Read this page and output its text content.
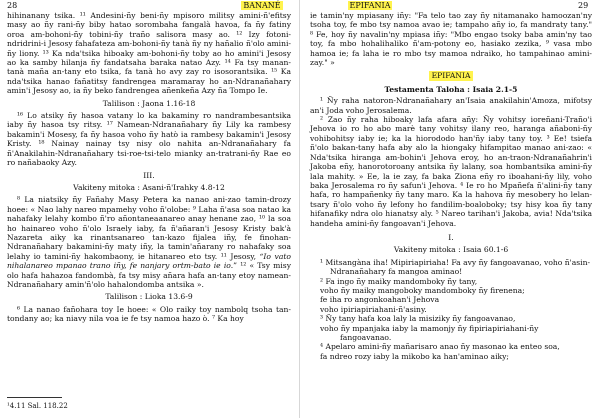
28	BANANÉ

hihinanany tsika. ¹¹ Andesini-ñy beni-ñy mpisoro militsy amini-ñ'efitsy masy ao ñy rani-ñy biby hatao sorombaha fangalà havoa, fa ñy fatiny oroa am-bohoni-ñy tobini-ñy traño salisora masy ao. ¹² Izy fotoni-ndridrini-i Jesosy fahafateza am-bohoni-ñy tanà ñy ny hañalio ñ'olo amini-ñy liony. ¹³ Ka nda'tsika hiboaky am-bohoni-ñy toby ao ho amini'i Jesosy ao ka samby hilanja ñy fandatsaha baraka natao Azy. ¹⁴ Fa tsy manan-tanà maña an-tany eto tsika, fa tanà ho avy zay ro isosorantsika. ¹⁵ Ka nda'tsika hanao fañatitsy fandrengea maramaray ho an-Ndranañahary amin'i Jesosy ao, ia ñy beko fandrengea añenkeña Azy ña Tompo Ie.

Talilison : Jaona 1.16-18

¹⁶ Lo atsiky ñy hasoa vatany lo ka bakaminy ro nandrambesantsika iaby ñy hasoa tsy ritsy. ¹⁷ Namean-Ndranañahary ñy Lily ka rambesy bakamin'i Mosesy, fa ñy hasoa voho ñy hatò ia rambesy bakamin'i Jesosy Kristy. ¹⁸ Nainay nainay tsy nisy olo nahita an-Ndranañahary fa ñ'Anakilahin-Ndranañahary tsi-roe-tsi-telo mianky an-tratrani-ñy Rae eo ro nañabaoky Azy.

III.

Vakiteny mitoka : Asani-ñ'Irahky 4.8-12

⁸ La niatsiky ñy Fañahy Masy Petera ka nanao ani-zao tamin-drozy hoee: « Nao lahy nareo mpamehy voho ñ'olobe: ⁹ Laha ñ'asa soa natao ka nahafaky lelahy kombo ñ'ro añontaneaanareo anay henane zao, ¹⁰ la soa ho hainareo voho ñ'olo Israely iaby, fa ñ'añaran'i Jesosy Kristy bak'à Nazareta aiky ka rinantsanareo tan-kazo fijalea iñy, fe finohan-Ndranañahary bakamini-ñy maty iñy, la tamin'añarany ro nahafaky soa lelahy io tamini-ñy hakombaony, ie hitanareo eto tsy. ¹¹ Jesosy, “Io vato nihalanareo mpanao trano iñy, fe nanjary ortm-bato ie io.” ¹² « Tsy misy olo hafa hahazoa fandombà, fa tsy misy añara hafa an-tany etoy namean-Ndranañahary amin'ñ'olo hahalondomba antsika ».

Talilison : Lioka 13.6-9

⁶ La nanao fañohara toy Ie hoee: « Olo raiky toy nambolq tsoha tan-tondany ao; ka niavy nila voa ie fe tsy namoa hazo ò. ⁷ Ka hoy

¹4.11 Sal. 118.22
EPIFANIA	29

ie tamin'ny mpiasany iñy: "Fa telo tao zay ñy nitamanako hamoozan'ny tsoha toy, fe mbo tsy namoa avao ie; tampaho añy io, fa mandraty tany." ⁸ Fe, hoy ñy navalin'ny mpiasa iñy: "Mbo engao tsoky baba amin'ny tao toy, fa mbo hohalihaliko ñ'am-potony eo, hasiako zezika, ⁹ vasa mbo hamoa ie; fa laha ie ro mbo tsy mamoa ndraiko, ho tampahinao amini-zay." »

EPIFANIA

Testamenta Taloha : Isaia 2.1-5

¹ Ñy raha natoron-Ndranañahary an'Isaia anakilahin'Amoza, mifotsy an'i Joda voho Jerosalema.

² Zao ñy raha hiboaky lafa afara añy: Ñy vohitsy ioreñani-Traño'i Jehova io ro ho abo marè tany vohitsy ilany reo, haranga añaboni-ñy vohibohitsy iaby ie; ka la hiorododo han'ñy iaby tany toy. ³ Ee! tsiefa ñ'olo bakan-tany hafa aby alo la hiongaky hifampitao manao ani-zao: « Nda'tsika hiranga am-bohin'i Jehova eroy, ho an-traon-Ndranañahrin'i Jakoba eñy, hanorotoroany antsika ñy lalany, soa hombantsika amini-ñy lala mahity. » Ee, la ie zay, fa baka Ziona eñy ro iboahani-ñy lily, voho baka Jerosalema ro ñy safun'i Jehova. ⁴ Ie ro ho Mpañefa ñ'alini-ñy tany hafa, ro hampañenky ñy tany maro. Ka la hahova ñy mesobery ho lelan-tsary ñ'olo voho ñy lefony ho fandilim-boaloboky; tsy hisy koa ñy tany hifanafiky ndra olo hianatsy aly. ⁵ Nareo tarihan'i Jakoba, avia! Nda'tsika handeha amini-ñy fangoavan'i Jehova.

I.

Vakiteny mitoka : Isaia 60.1-6

¹ Mitsangàna iha! Mipiriapiriaha! Fa avy ñy fangoavanao, voho ñ'asin-Ndranañahary fa mangoa aminao!

² Fa ingo ñy maiky mandomboky ñy tany,

voho ñy maiky mangoboky mandomboky ñy firenena;

fe iha ro angonkoahan'i Jehova

voho ipiriapiriahani-ñ'asiny.

³ Ñy tany hafa koa laly la misiziky ñy fangoavanao,

voho ñy mpanjaka iaby la mamonjy ñy fipiriapiriahani-ñy

fangoavanao.

⁴ Apelaro amini-ñy mañarisaro anao ñy masonao ka enteo soa,

fa ndreo rozy iaby la mikobo ka han'aminao aiky;
